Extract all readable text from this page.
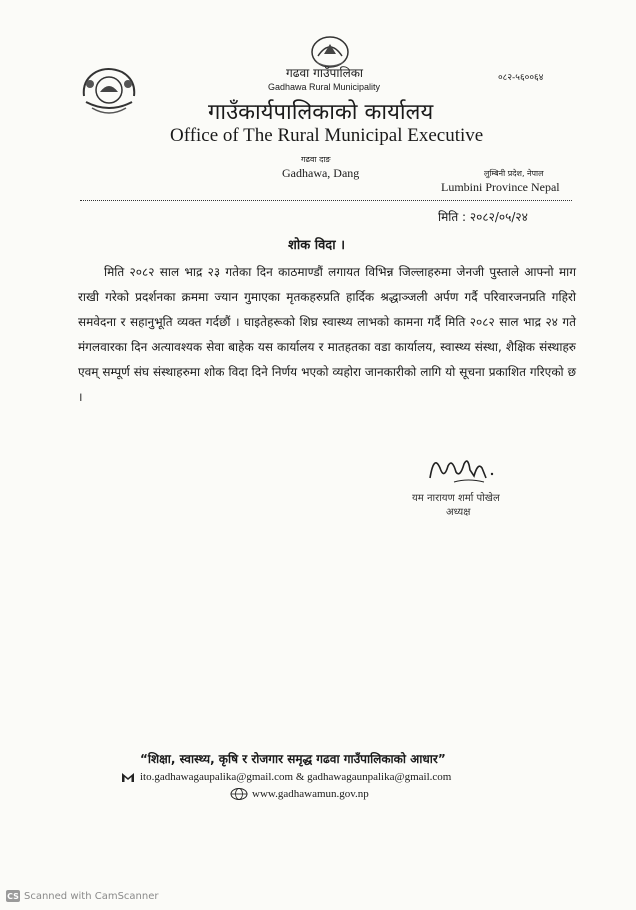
०८२-५६००६४
गढवा गाउँपालिका
Gadhawa Rural Municipality
गाउँकार्यपालिकाको कार्यालय
Office of The Rural Municipal Executive
गढवा दाङ
Gadhawa, Dang	लुम्बिनी प्रदेश, नेपाल
Lumbini Province Nepal
मिति : २०८२/०५/२४
शोक विदा ।
मिति २०८२ साल भाद्र २३ गतेका दिन काठमाण्डौं लगायत विभिन्न जिल्लाहरुमा जेनजी पुस्ताले आफ्नो माग राखी गरेको प्रदर्शनका क्रममा ज्यान गुमाएका मृतकहरुप्रति हार्दिक श्रद्धाञ्जली अर्पण गर्दै परिवारजनप्रति गहिरो समवेदना र सहानुभूति व्यक्त गर्दछौं । घाइतेहरूको शिघ्र स्वास्थ्य लाभको कामना गर्दै मिति २०८२ साल भाद्र २४ गते मंगलवारका दिन अत्यावश्यक सेवा बाहेक यस कार्यालय र मातहतका वडा कार्यालय, स्वास्थ्य संस्था, शैक्षिक संस्थाहरु एवम् सम्पूर्ण संघ संस्थाहरुमा शोक विदा दिने निर्णय भएको व्यहोरा जानकारीको लागि यो सूचना प्रकाशित गरिएको छ ।
यम नारायण शर्मा पोखेल
अध्यक्ष
“शिक्षा, स्वास्थ्य, कृषि र रोजगार समृद्ध गढवा गाउँपालिकाको आधार”
ito.gadhawagaupalika@gmail.com & gadhawagaunpalika@gmail.com
www.gadhawamun.gov.np
CS Scanned with CamScanner
